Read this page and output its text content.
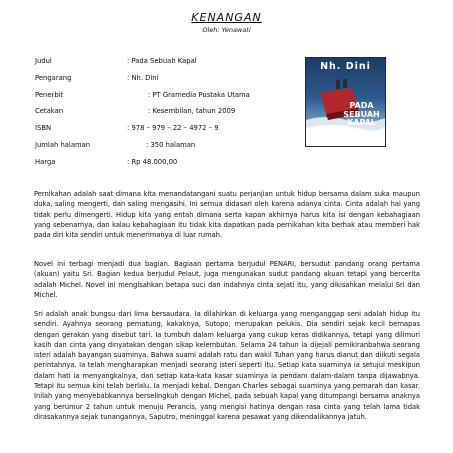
KENANGAN
Oleh: Yenawati
Judul	: Pada Sebuah Kapal
Pengarang	: Nh. Dini
Penerbit	: PT Gramedia Pustaka Utama
Cetakan	: Kesembilan, tahun 2009
ISBN	: 978 – 979 – 22 – 4972 – 9
Jumlah halaman	: 350 halaman
Harga	: Rp 48.000,00
Nh. Dini
PADA
SEBUAH
KAPAL

Pernikahan adalah saat dimana kita menandatangani suatu perjanjian untuk hidup bersama dalam suka maupun duka, saling mengerti, dan saling mengasihi. Ini semua didasari oleh karena adanya cinta. Cinta adalah hal yang tidak perlu dimengerti. Hidup kita yang entah dimana serta kapan akhirnya harus kita isi dengan kebahagiaan yang sebenarnya, dan kalau kebahagiaan itu tidak kita dapatkan pada pernikahan kita berhak atau memberi hak pada diri kita sendiri untuk menerimanya di luar rumah.

Novel ini terbagi menjadi dua bagian. Bagiaan pertama berjudul PENARI, bersudut pandang orang pertama (akuan) yaitu Sri. Bagian kedua berjudul Pelaut, juga mengunakan sudut pandang akuan tetapi yang bercerita adalah Michel. Novel ini mengisahkan betapa suci dan indahnya cinta sejati itu, yang dikisahkan melalui Sri dan Michel.

Sri adalah anak bungsu dari lima bersaudara. Ia dilahirkan di keluarga yang menganggap seni adalah hidup itu sendiri. Ayahnya seorang pematung, kakaknya, Sutopo, merupakan pelukis. Dia sendiri sejak kecil bernapas dengan gerakan yang disebut tari. Ia tumbuh dalam keluarga yang cukup keras didikannya, tetapi yang dilimuri kasih dan cinta yang dinyatakan dengan sikap kelembutan. Selama 24 tahun ia dijejali pemikiranbahwa seorang isteri adalah bayangan suaminya. Bahwa suami adalah ratu dan wakil Tuhan yang harus dianut dan diikuti segala perintahnya. Ia telah mengharapkan menjadi seorang isteri seperti itu. Setiap kata suaminya ia setujui meskipun dalam hati ia menyangkalnya, dan setiap kata-kata kasar suaminya ia pendam dalam-dalam tanpa dijawabnya. Tetapi itu semua kini telah berlalu. Ia menjadi kebal. Dengan Charles sebagai suaminya yang pemarah dan kasar. Inilah yang menyebabkannya berselingkuh dengan Michel, pada sebuah kapal yang ditumpangi bersama anaknya yang berumur 2 tahun untuk menuju Perancis, yang mengisi hatinya dengan rasa cinta yang telah lama tidak dirasakannya sejak tunangannya, Saputro, meninggal karena pesawat yang dikendalikannya jatuh.
